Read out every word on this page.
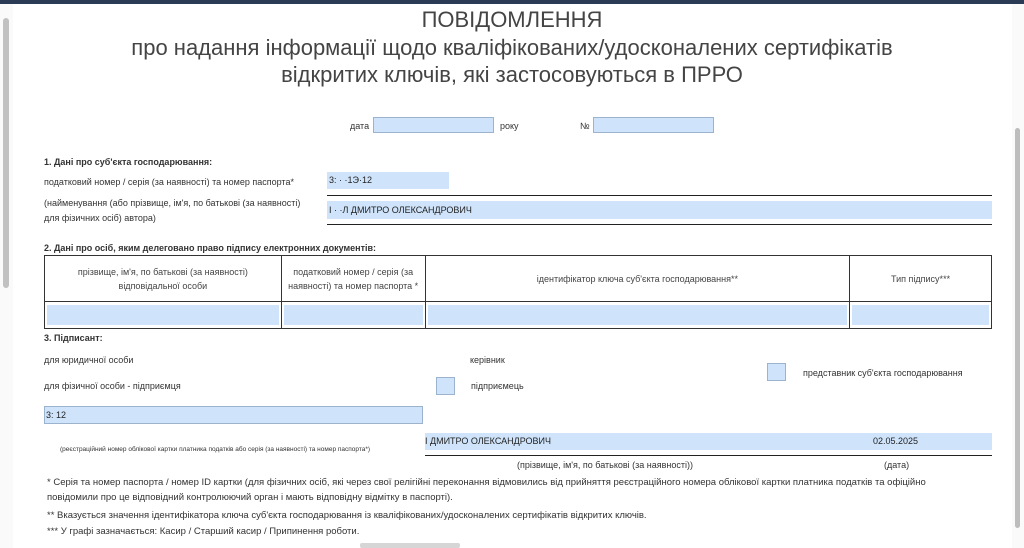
ПОВІДОМЛЕННЯ
про надання інформації щодо кваліфікованих/удосконалених сертифікатів
відкритих ключів, які застосовуються в ПРРО
дата	року	№
1. Дані про суб'єкта господарювання:
податковий номер / серія (за наявності) та номер паспорта*	3: · ·1Э·12
(найменування (або прізвище, ім'я, по батькові (за наявності)
для фізичних осіб) автора)
I · ·Л ДМИТРО ОЛЕКСАНДРОВИЧ
2. Дані про осіб, яким делеговано право підпису електронних документів:
прізвище, ім'я, по батькові (за наявності) відповідальної особи	податковий номер / серія (за наявності) та номер паспорта *	ідентифікатор ключа суб'єкта господарювання**	Тип підпису***

3. Підписант:
для юридичної особи	керівник
представник суб'єкта господарювання
для фізичної особи - підприємця	підприємець
3: 12
(реєстраційний номер облікової картки платника податків або серія (за наявності) та номер паспорта*)
I ДМИТРО ОЛЕКСАНДРОВИЧ	02.05.2025
(прізвище, ім'я, по батькові (за наявності))	(дата)
* Серія та номер паспорта / номер ID картки (для фізичних осіб, які через свої релігійні переконання відмовились від прийняття реєстраційного номера облікової картки платника податків та офіційно повідомили про це відповідний контролюючий орган і мають відповідну відмітку в паспорті).
** Вказується значення ідентифікатора ключа суб'єкта господарювання із кваліфікованих/удосконалених сертифікатів відкритих ключів.
*** У графі зазначається: Касир / Старший касир / Припинення роботи.
